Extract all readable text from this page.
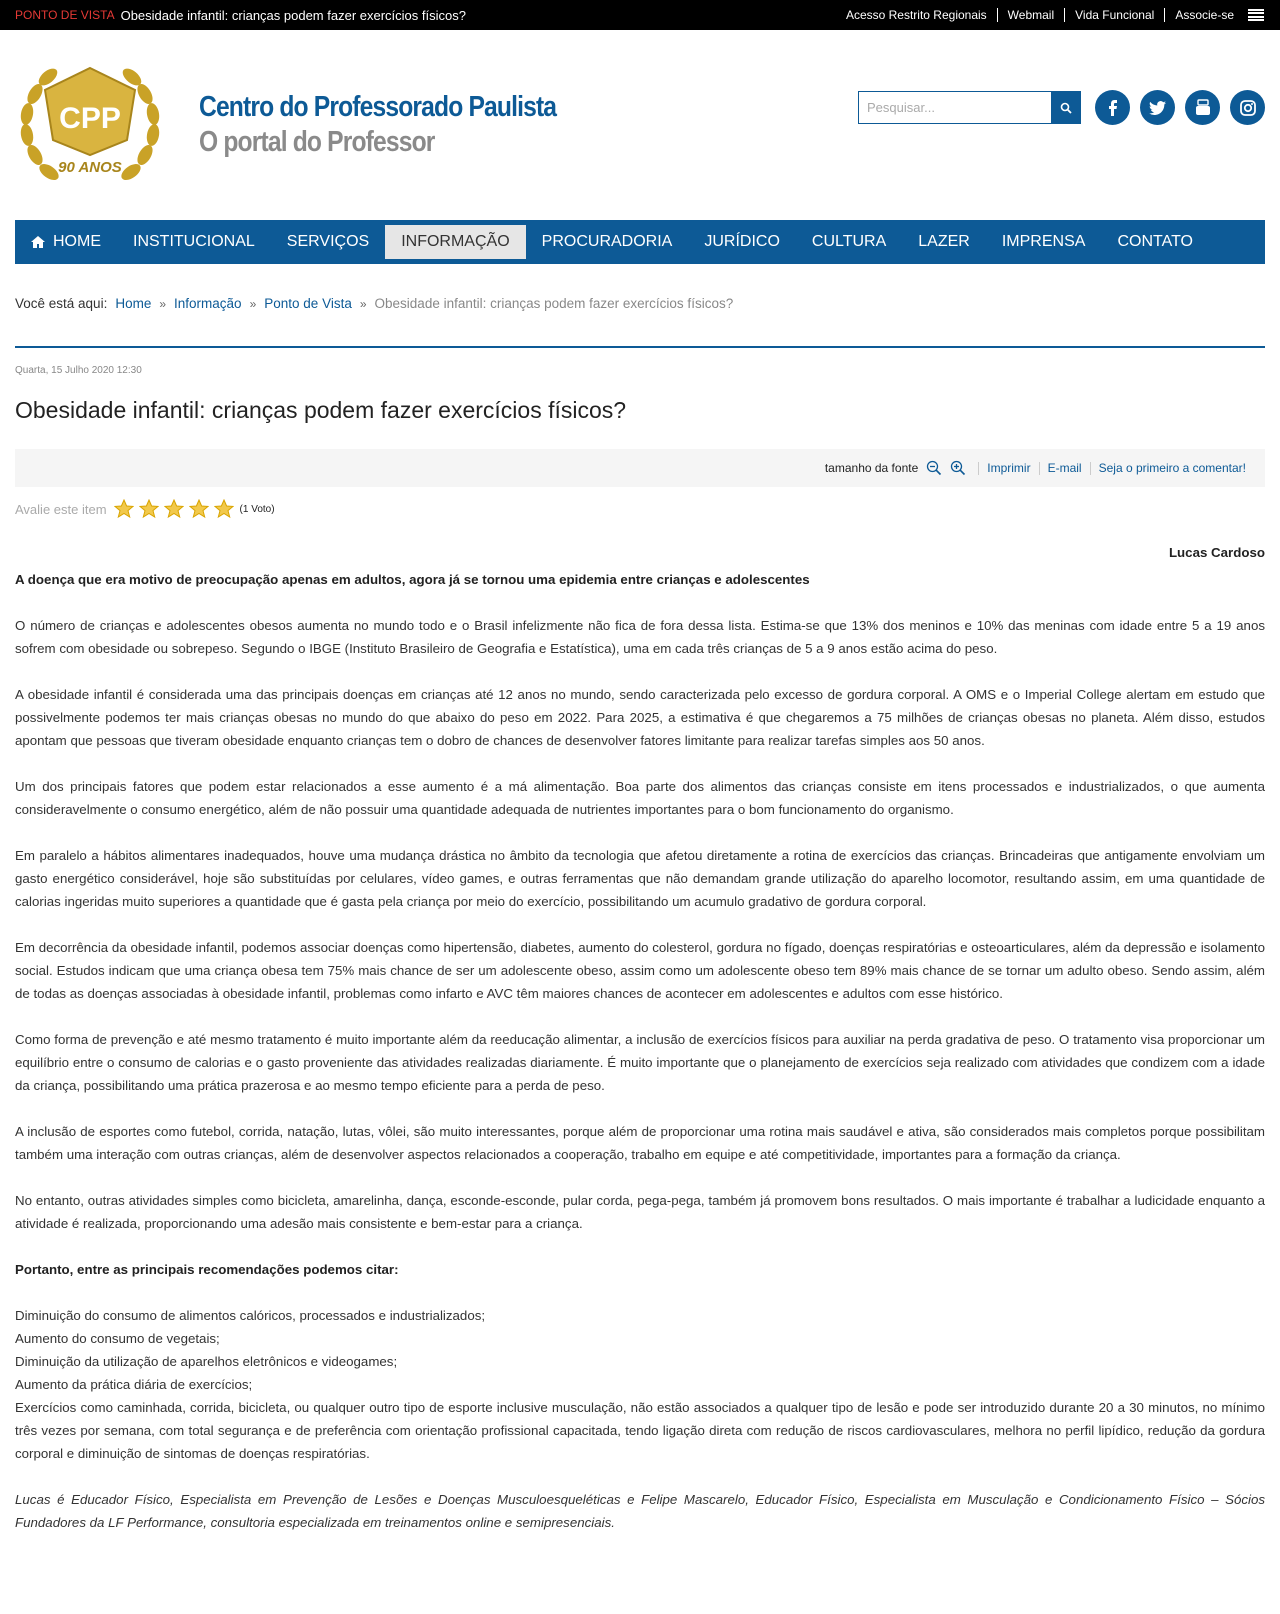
PONTO DE VISTA Obesidade infantil: crianças podem fazer exercícios físicos?	Acesso Restrito Regionais	Webmail	Vida Funcional	Associe-se
CPP
90 ANOS
Centro do Professorado Paulista
O portal do Professor
Pesquisar...
HOME	INSTITUCIONAL	SERVIÇOS	INFORMAÇÃO	PROCURADORIA	JURÍDICO	CULTURA	LAZER	IMPRENSA	CONTATO
Você está aqui: Home » Informação » Ponto de Vista » Obesidade infantil: crianças podem fazer exercícios físicos?
Quarta, 15 Julho 2020 12:30
Obesidade infantil: crianças podem fazer exercícios físicos?
tamanho da fonte	Imprimir	E-mail	Seja o primeiro a comentar!
Avalie este item	(1 Voto)
Lucas Cardoso
A doença que era motivo de preocupação apenas em adultos, agora já se tornou uma epidemia entre crianças e adolescentes

O número de crianças e adolescentes obesos aumenta no mundo todo e o Brasil infelizmente não fica de fora dessa lista. Estima-se que 13% dos meninos e 10% das meninas com idade entre 5 a 19 anos sofrem com obesidade ou sobrepeso. Segundo o IBGE (Instituto Brasileiro de Geografia e Estatística), uma em cada três crianças de 5 a 9 anos estão acima do peso.

A obesidade infantil é considerada uma das principais doenças em crianças até 12 anos no mundo, sendo caracterizada pelo excesso de gordura corporal. A OMS e o Imperial College alertam em estudo que possivelmente podemos ter mais crianças obesas no mundo do que abaixo do peso em 2022. Para 2025, a estimativa é que chegaremos a 75 milhões de crianças obesas no planeta. Além disso, estudos apontam que pessoas que tiveram obesidade enquanto crianças tem o dobro de chances de desenvolver fatores limitante para realizar tarefas simples aos 50 anos.

Um dos principais fatores que podem estar relacionados a esse aumento é a má alimentação. Boa parte dos alimentos das crianças consiste em itens processados e industrializados, o que aumenta consideravelmente o consumo energético, além de não possuir uma quantidade adequada de nutrientes importantes para o bom funcionamento do organismo.

Em paralelo a hábitos alimentares inadequados, houve uma mudança drástica no âmbito da tecnologia que afetou diretamente a rotina de exercícios das crianças. Brincadeiras que antigamente envolviam um gasto energético considerável, hoje são substituídas por celulares, vídeo games, e outras ferramentas que não demandam grande utilização do aparelho locomotor, resultando assim, em uma quantidade de calorias ingeridas muito superiores a quantidade que é gasta pela criança por meio do exercício, possibilitando um acumulo gradativo de gordura corporal.

Em decorrência da obesidade infantil, podemos associar doenças como hipertensão, diabetes, aumento do colesterol, gordura no fígado, doenças respiratórias e osteoarticulares, além da depressão e isolamento social. Estudos indicam que uma criança obesa tem 75% mais chance de ser um adolescente obeso, assim como um adolescente obeso tem 89% mais chance de se tornar um adulto obeso. Sendo assim, além de todas as doenças associadas à obesidade infantil, problemas como infarto e AVC têm maiores chances de acontecer em adolescentes e adultos com esse histórico.

Como forma de prevenção e até mesmo tratamento é muito importante além da reeducação alimentar, a inclusão de exercícios físicos para auxiliar na perda gradativa de peso. O tratamento visa proporcionar um equilíbrio entre o consumo de calorias e o gasto proveniente das atividades realizadas diariamente. É muito importante que o planejamento de exercícios seja realizado com atividades que condizem com a idade da criança, possibilitando uma prática prazerosa e ao mesmo tempo eficiente para a perda de peso.

A inclusão de esportes como futebol, corrida, natação, lutas, vôlei, são muito interessantes, porque além de proporcionar uma rotina mais saudável e ativa, são considerados mais completos porque possibilitam também uma interação com outras crianças, além de desenvolver aspectos relacionados a cooperação, trabalho em equipe e até competitividade, importantes para a formação da criança.

No entanto, outras atividades simples como bicicleta, amarelinha, dança, esconde-esconde, pular corda, pega-pega, também já promovem bons resultados. O mais importante é trabalhar a ludicidade enquanto a atividade é realizada, proporcionando uma adesão mais consistente e bem-estar para a criança.

Portanto, entre as principais recomendações podemos citar:

Diminuição do consumo de alimentos calóricos, processados e industrializados;

Aumento do consumo de vegetais;

Diminuição da utilização de aparelhos eletrônicos e videogames;

Aumento da prática diária de exercícios;

Exercícios como caminhada, corrida, bicicleta, ou qualquer outro tipo de esporte inclusive musculação, não estão associados a qualquer tipo de lesão e pode ser introduzido durante 20 a 30 minutos, no mínimo três vezes por semana, com total segurança e de preferência com orientação profissional capacitada, tendo ligação direta com redução de riscos cardiovasculares, melhora no perfil lipídico, redução da gordura corporal e diminuição de sintomas de doenças respiratórias.

Lucas é Educador Físico, Especialista em Prevenção de Lesões e Doenças Musculoesqueléticas e Felipe Mascarelo, Educador Físico, Especialista em Musculação e Condicionamento Físico – Sócios Fundadores da LF Performance, consultoria especializada em treinamentos online e semipresenciais.
